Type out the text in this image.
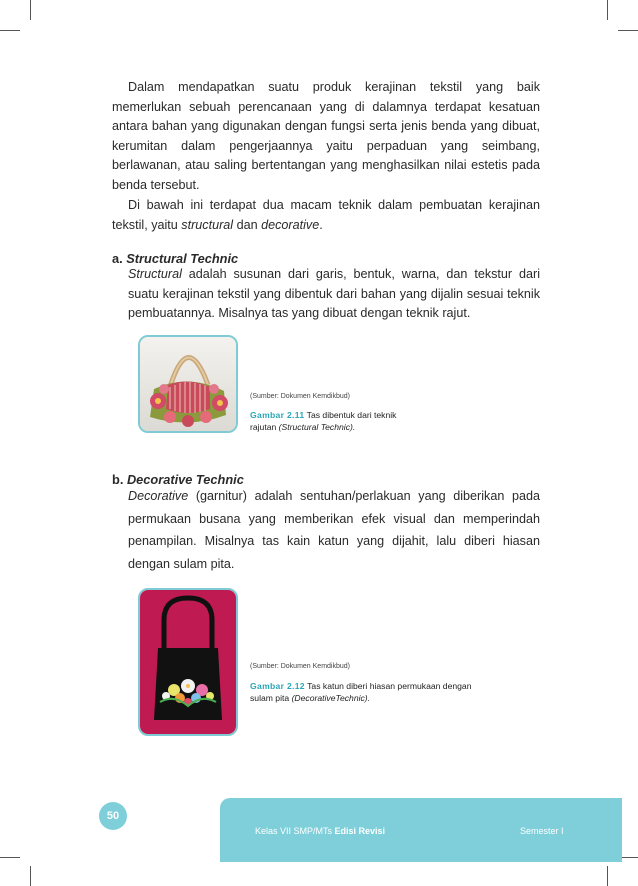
Dalam mendapatkan suatu produk kerajinan tekstil yang baik memerlukan sebuah perencanaan yang di dalamnya terdapat kesatuan antara bahan yang digunakan dengan fungsi serta jenis benda yang dibuat, kerumitan dalam pengerjaannya yaitu perpaduan yang seimbang, berlawanan, atau saling bertentangan yang menghasilkan nilai estetis pada benda tersebut.

Di bawah ini terdapat dua macam teknik dalam pembuatan kerajinan tekstil, yaitu structural dan decorative.

a. Structural Technic

Structural adalah susunan dari garis, bentuk, warna, dan tekstur dari suatu kerajinan tekstil yang dibentuk dari bahan yang dijalin sesuai teknik pembuatannya. Misalnya tas yang dibuat dengan teknik rajut.

(Sumber: Dokumen Kemdikbud)
Gambar 2.11 Tas dibentuk dari teknik rajutan (Structural Technic).
b. Decorative Technic

Decorative (garnitur) adalah sentuhan/perlakuan yang diberikan pada permukaan busana yang memberikan efek visual dan memperindah penampilan. Misalnya tas kain katun yang dijahit, lalu diberi hiasan dengan sulam pita.

(Sumber: Dokumen Kemdikbud)
Gambar 2.12 Tas katun diberi hiasan permukaan dengan sulam pita (DecorativeTechnic).
50
Kelas VII SMP/MTs Edisi Revisi	Semester I
